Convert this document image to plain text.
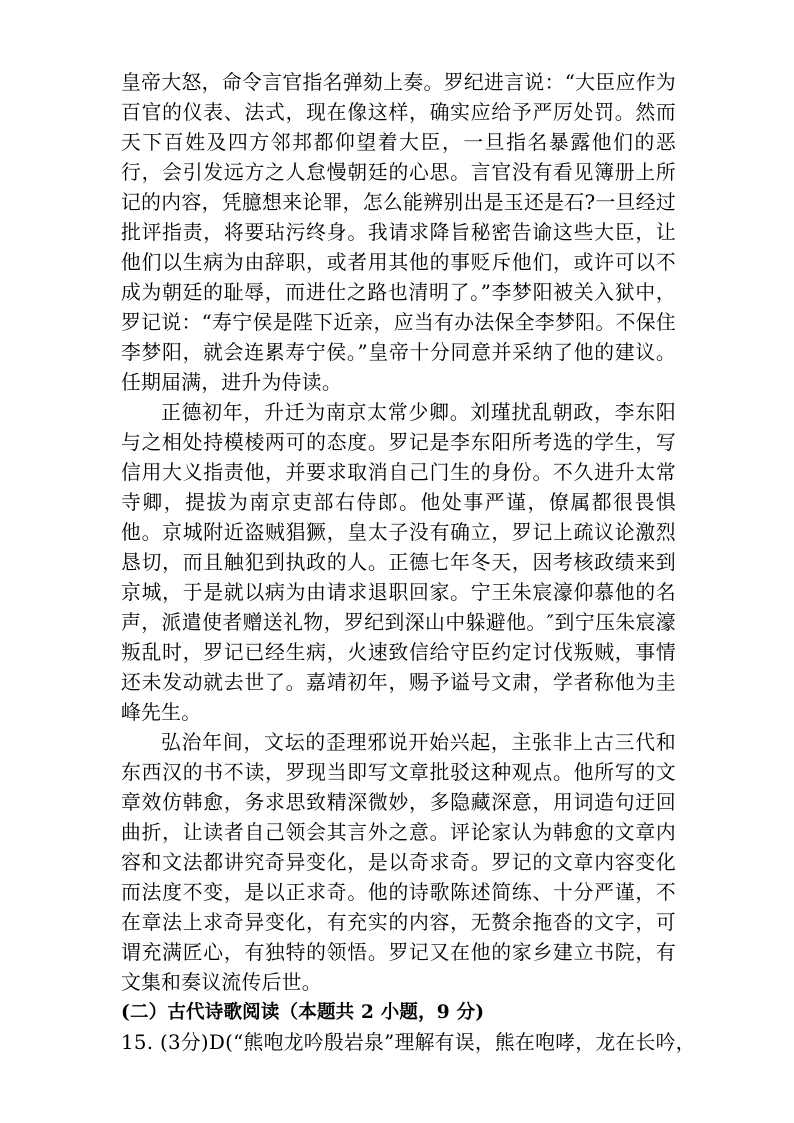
皇帝大怒，命令言官指名弹劾上奏。罗纪进言说：“大臣应作为百官的仪表、法式，现在像这样，确实应给予严厉处罚。然而天下百姓及四方邻邦都仰望着大臣，一旦指名暴露他们的恶行，会引发远方之人怠慢朝廷的心思。言官没有看见簿册上所记的内容，凭臆想来论罪，怎么能辨别出是玉还是石?一旦经过批评指责，将要玷污终身。我请求降旨秘密告谕这些大臣，让他们以生病为由辞职，或者用其他的事贬斥他们，或许可以不成为朝廷的耻辱，而进仕之路也清明了。”李梦阳被关入狱中，罗记说：“寿宁侯是陛下近亲，应当有办法保全李梦阳。不保住李梦阳，就会连累寿宁侯。”皇帝十分同意并采纳了他的建议。任期届满，进升为侍读。

正德初年，升迁为南京太常少卿。刘瑾扰乱朝政，李东阳与之相处持模棱两可的态度。罗记是李东阳所考选的学生，写信用大义指责他，并要求取消自己门生的身份。不久进升太常寺卿，提拔为南京吏部右侍郎。他处事严谨，僚属都很畏惧他。京城附近盗贼猖獗，皇太子没有确立，罗记上疏议论激烈恳切，而且触犯到执政的人。正德七年冬天，因考核政绩来到京城，于是就以病为由请求退职回家。宁王朱宸濠仰慕他的名声，派遣使者赠送礼物，罗纪到深山中躲避他。″到宁压朱宸濠叛乱时，罗记已经生病，火速致信给守臣约定讨伐叛贼，事情还未发动就去世了。嘉靖初年，赐予谥号文肃，学者称他为圭峰先生。

弘治年间，文坛的歪理邪说开始兴起，主张非上古三代和东西汉的书不读，罗现当即写文章批驳这种观点。他所写的文章效仿韩愈，务求思致精深微妙，多隐藏深意，用词造句迂回曲折，让读者自己领会其言外之意。评论家认为韩愈的文章内容和文法都讲究奇异变化，是以奇求奇。罗记的文章内容变化而法度不变，是以正求奇。他的诗歌陈述简练、十分严谨，不在章法上求奇异变化，有充实的内容，无赘余拖沓的文字，可谓充满匠心，有独特的领悟。罗记又在他的家乡建立书院，有文集和奏议流传后世。

(二）古代诗歌阅读（本题共 2 小题，9 分)

15. (3分)D(“熊咆龙吟殷岩泉”理解有误，熊在咆哮，龙在长吟，
